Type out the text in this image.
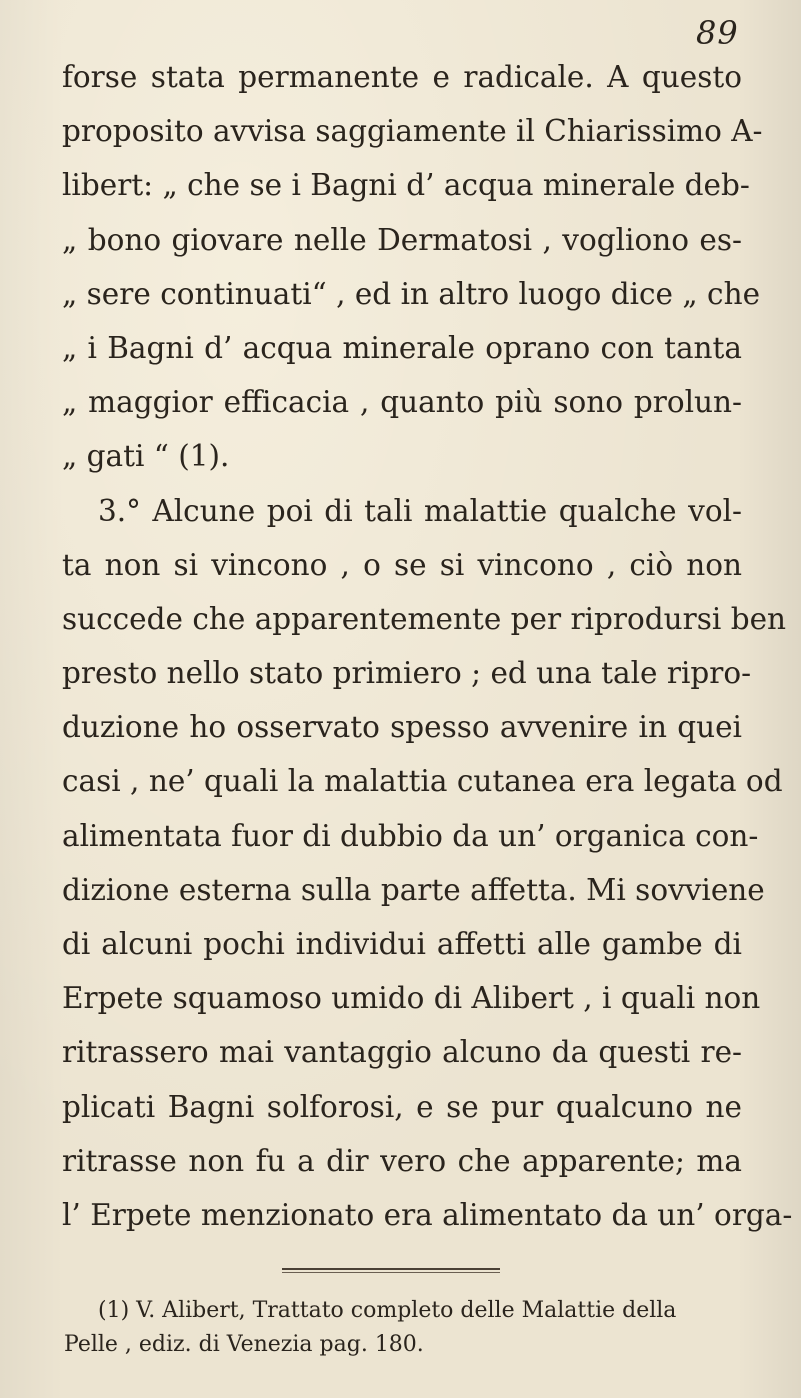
89
forse stata permanente e radicale. A questo
proposito avvisa saggiamente il Chiarissimo A-
libert: „ che se i Bagni d’ acqua minerale deb-
„ bono giovare nelle Dermatosi , vogliono es-
„ sere continuati“ , ed in altro luogo dice „ che
„ i Bagni d’ acqua minerale oprano con tanta
„ maggior efficacia , quanto più sono prolun-
„ gati “ (1).
3.° Alcune poi di tali malattie qualche vol-
ta non si vincono , o se si vincono , ciò non
succede che apparentemente per riprodursi ben
presto nello stato primiero ; ed una tale ripro-
duzione ho osservato spesso avvenire in quei
casi , ne’ quali la malattia cutanea era legata od
alimentata fuor di dubbio da un’ organica con-
dizione esterna sulla parte affetta. Mi sovviene
di alcuni pochi individui affetti alle gambe di
Erpete squamoso umido di Alibert , i quali non
ritrassero mai vantaggio alcuno da questi re-
plicati Bagni solforosi, e se pur qualcuno ne
ritrasse non fu a dir vero che apparente; ma
l’ Erpete menzionato era alimentato da un’ orga-
(1) V. Alibert, Trattato completo delle Malattie della
Pelle , ediz. di Venezia pag. 180.
